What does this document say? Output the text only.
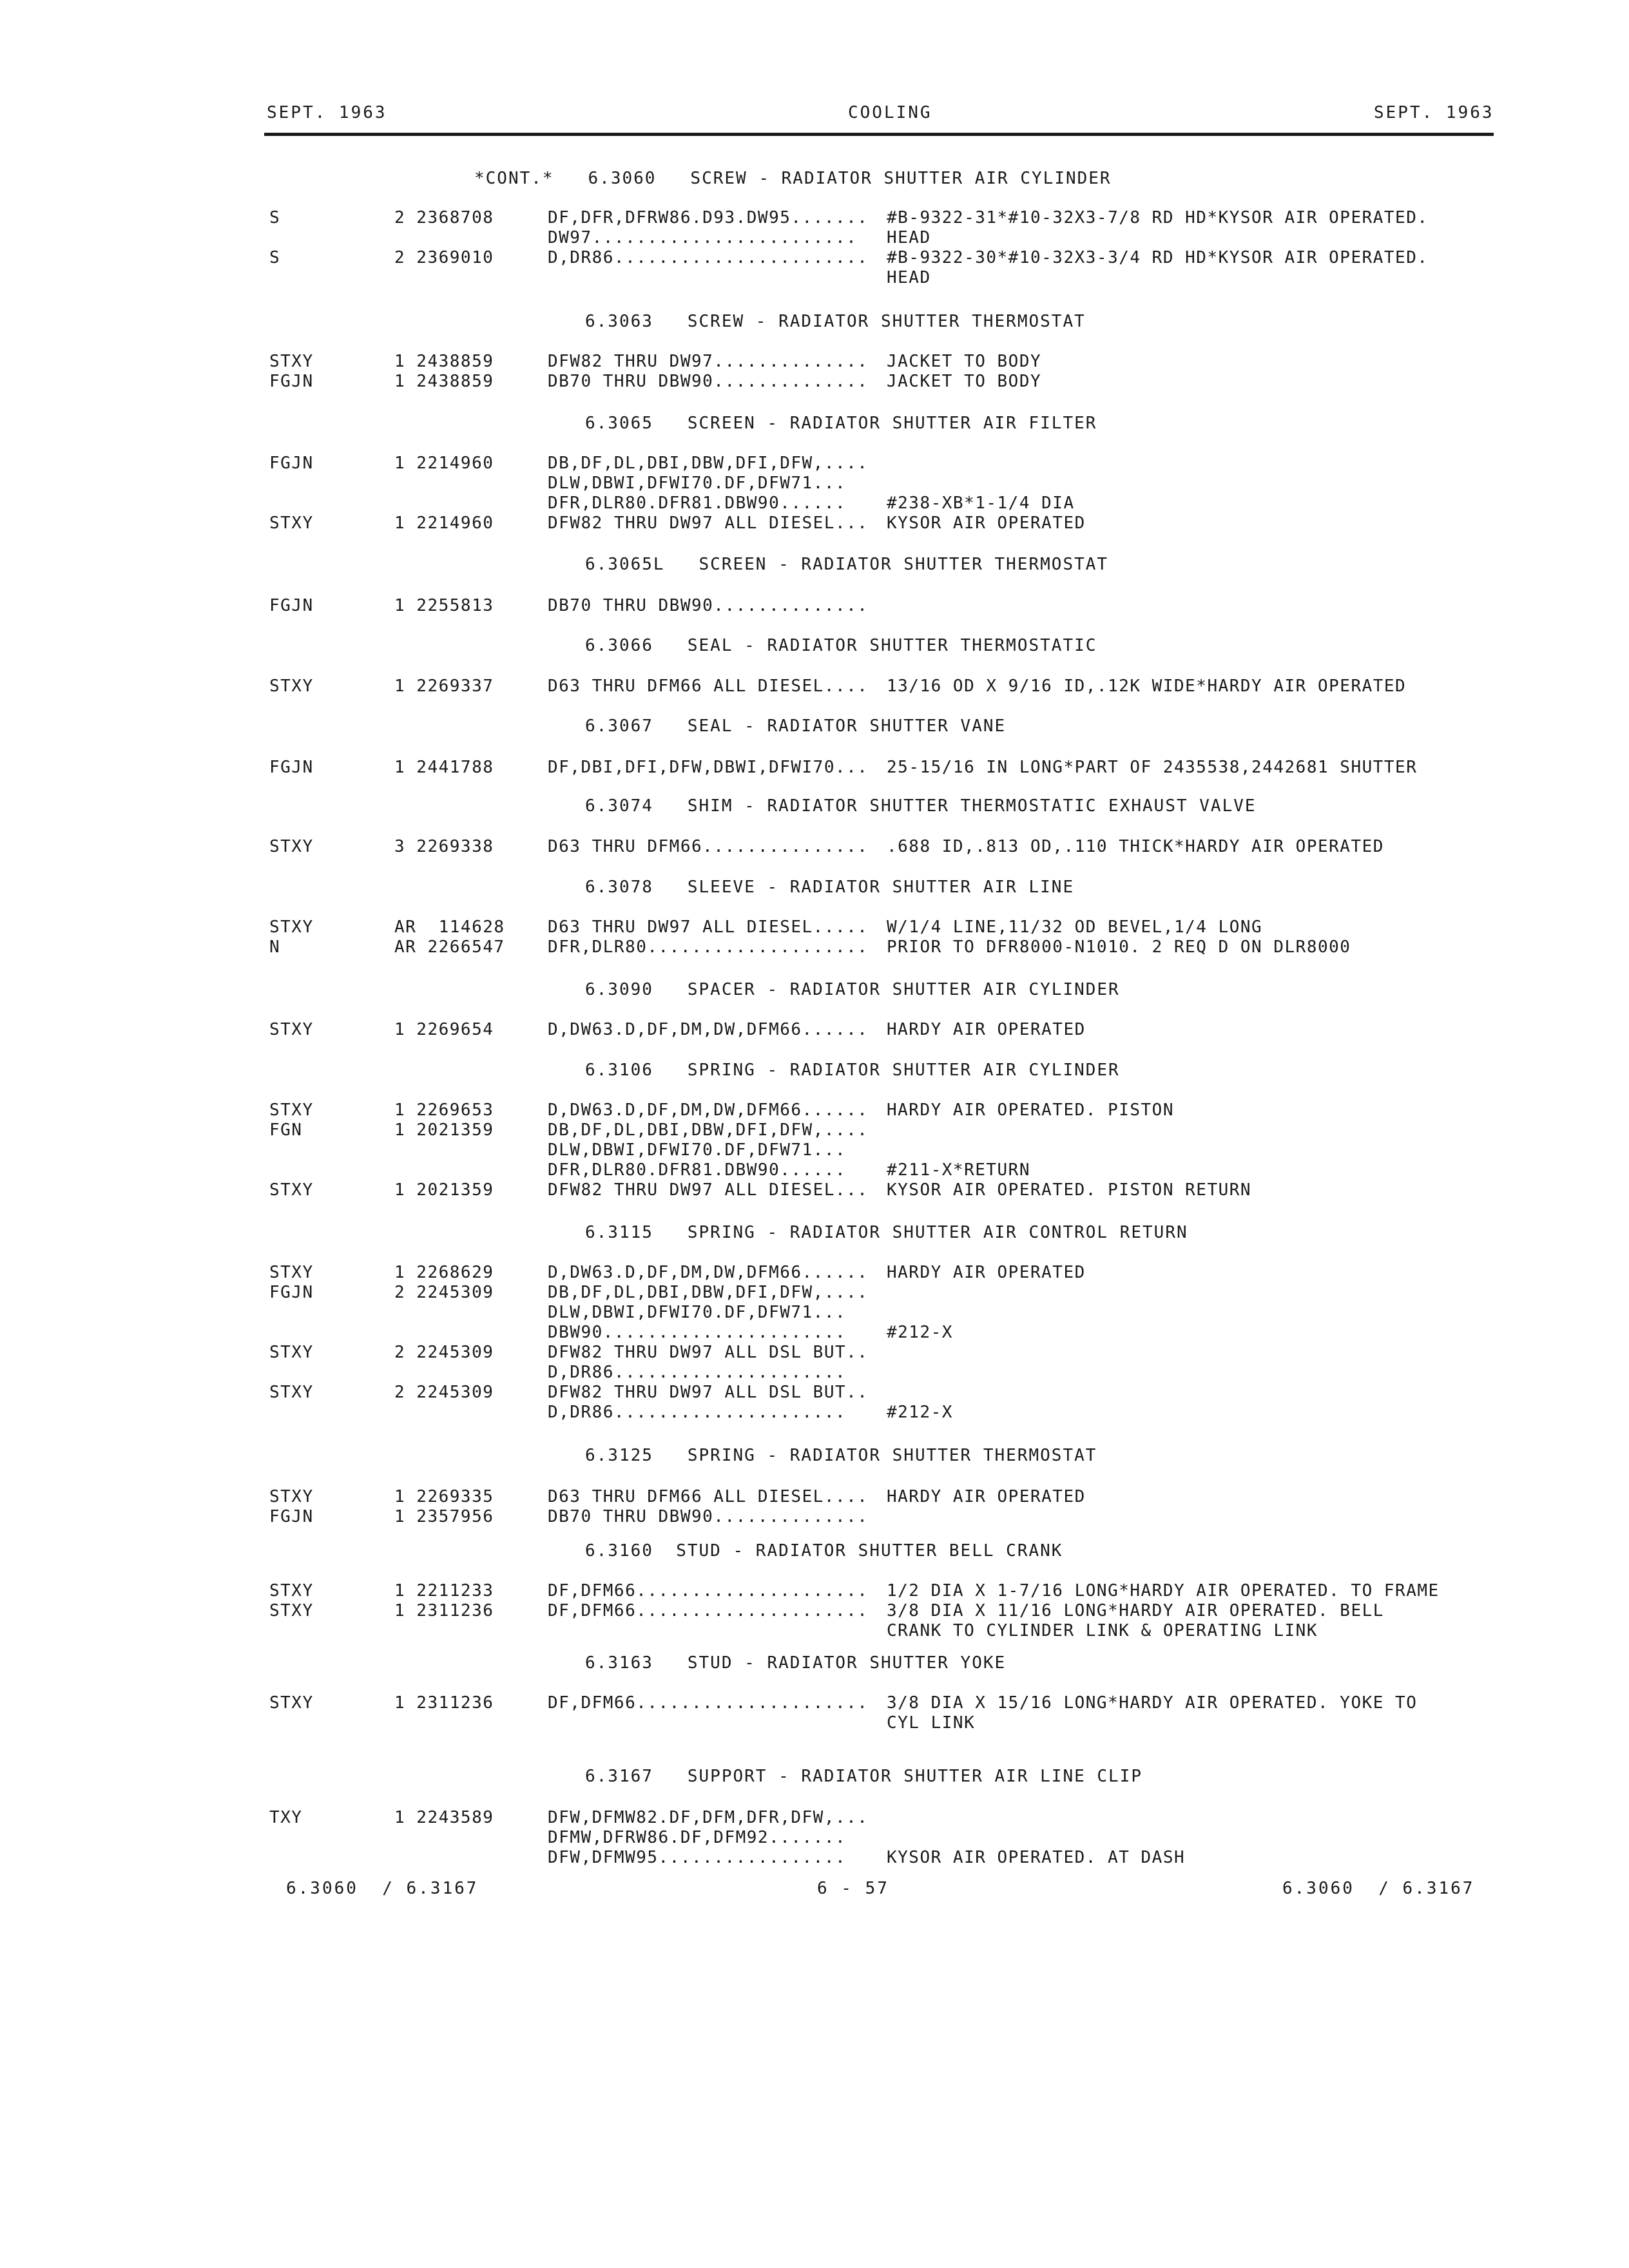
SEPT. 1963	COOLING	SEPT. 1963
*CONT.*   6.3060   SCREW - RADIATOR SHUTTER AIR CYLINDER
S	2 2368708	DF,DFR,DFRW86.D93.DW95....... #B-9322-31*#10-32X3-7/8 RD HD*KYSOR AIR OPERATED.
DW97........................ HEAD
S	2 2369010	D,DR86....................... #B-9322-30*#10-32X3-3/4 RD HD*KYSOR AIR OPERATED.
HEAD
6.3063   SCREW - RADIATOR SHUTTER THERMOSTAT
STXY	1 2438859	DFW82 THRU DW97.............. JACKET TO BODY
FGJN	1 2438859	DB70 THRU DBW90.............. JACKET TO BODY
6.3065   SCREEN - RADIATOR SHUTTER AIR FILTER
FGJN	1 2214960	DB,DF,DL,DBI,DBW,DFI,DFW,....
DLW,DBWI,DFWI70.DF,DFW71...
DFR,DLR80.DFR81.DBW90...... #238-XB*1-1/4 DIA
STXY	1 2214960	DFW82 THRU DW97 ALL DIESEL... KYSOR AIR OPERATED
6.3065L   SCREEN - RADIATOR SHUTTER THERMOSTAT
FGJN	1 2255813	DB70 THRU DBW90..............
6.3066   SEAL - RADIATOR SHUTTER THERMOSTATIC
STXY	1 2269337	D63 THRU DFM66 ALL DIESEL.... 13/16 OD X 9/16 ID,.12K WIDE*HARDY AIR OPERATED
6.3067   SEAL - RADIATOR SHUTTER VANE
FGJN	1 2441788	DF,DBI,DFI,DFW,DBWI,DFWI70... 25-15/16 IN LONG*PART OF 2435538,2442681 SHUTTER
6.3074   SHIM - RADIATOR SHUTTER THERMOSTATIC EXHAUST VALVE
STXY	3 2269338	D63 THRU DFM66............... .688 ID,.813 OD,.110 THICK*HARDY AIR OPERATED
6.3078   SLEEVE - RADIATOR SHUTTER AIR LINE
STXY	AR  114628	D63 THRU DW97 ALL DIESEL..... W/1/4 LINE,11/32 OD BEVEL,1/4 LONG
N	AR 2266547	DFR,DLR80.................... PRIOR TO DFR8000-N1010. 2 REQ D ON DLR8000
6.3090   SPACER - RADIATOR SHUTTER AIR CYLINDER
STXY	1 2269654	D,DW63.D,DF,DM,DW,DFM66...... HARDY AIR OPERATED
6.3106   SPRING - RADIATOR SHUTTER AIR CYLINDER
STXY	1 2269653	D,DW63.D,DF,DM,DW,DFM66...... HARDY AIR OPERATED. PISTON
FGN	1 2021359	DB,DF,DL,DBI,DBW,DFI,DFW,....
DLW,DBWI,DFWI70.DF,DFW71...
DFR,DLR80.DFR81.DBW90...... #211-X*RETURN
STXY	1 2021359	DFW82 THRU DW97 ALL DIESEL... KYSOR AIR OPERATED. PISTON RETURN
6.3115   SPRING - RADIATOR SHUTTER AIR CONTROL RETURN
STXY	1 2268629	D,DW63.D,DF,DM,DW,DFM66...... HARDY AIR OPERATED
FGJN	2 2245309	DB,DF,DL,DBI,DBW,DFI,DFW,....
DLW,DBWI,DFWI70.DF,DFW71...
DBW90...................... #212-X
STXY	2 2245309	DFW82 THRU DW97 ALL DSL BUT..
D,DR86.....................
STXY	2 2245309	DFW82 THRU DW97 ALL DSL BUT..
D,DR86..................... #212-X
6.3125   SPRING - RADIATOR SHUTTER THERMOSTAT
STXY	1 2269335	D63 THRU DFM66 ALL DIESEL.... HARDY AIR OPERATED
FGJN	1 2357956	DB70 THRU DBW90..............
6.3160  STUD - RADIATOR SHUTTER BELL CRANK
STXY	1 2211233	DF,DFM66..................... 1/2 DIA X 1-7/16 LONG*HARDY AIR OPERATED. TO FRAME
STXY	1 2311236	DF,DFM66..................... 3/8 DIA X 11/16 LONG*HARDY AIR OPERATED. BELL
CRANK TO CYLINDER LINK & OPERATING LINK
6.3163   STUD - RADIATOR SHUTTER YOKE
STXY	1 2311236	DF,DFM66..................... 3/8 DIA X 15/16 LONG*HARDY AIR OPERATED. YOKE TO
CYL LINK
6.3167   SUPPORT - RADIATOR SHUTTER AIR LINE CLIP
TXY	1 2243589	DFW,DFMW82.DF,DFM,DFR,DFW,...
DFMW,DFRW86.DF,DFM92.......
DFW,DFMW95................. KYSOR AIR OPERATED. AT DASH
6.3060  / 6.3167	6 - 57	6.3060  / 6.3167
